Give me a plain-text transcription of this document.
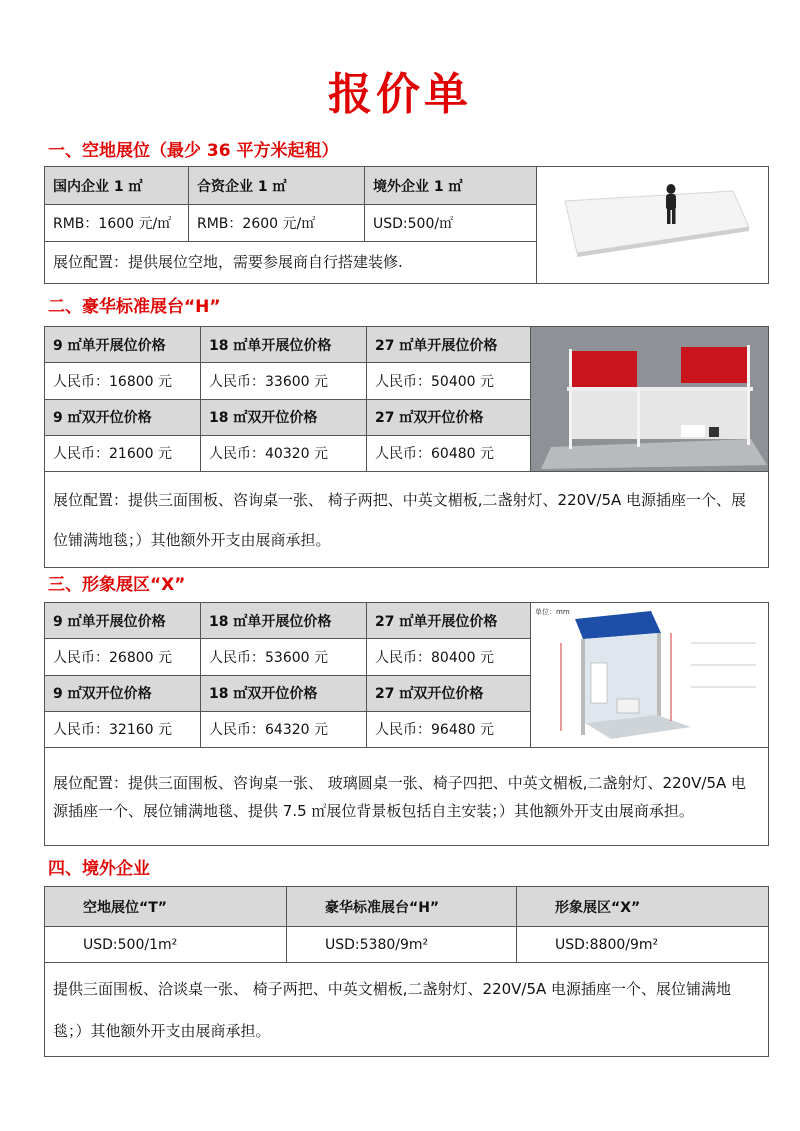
报价单
一、空地展位（最少 36 平方米起租）
国内企业 1 ㎡	合资企业 1 ㎡	境外企业 1 ㎡	

RMB：1600 元/㎡	RMB：2600 元/㎡	USD:500/㎡	
展位配置：提供展位空地，需要参展商自行搭建装修.			
二、豪华标准展台“H”
9 ㎡单开展位价格	18 ㎡单开展位价格	27 ㎡单开展位价格	

人民币：16800 元	人民币：33600 元	人民币：50400 元	
9 ㎡双开位价格	18 ㎡双开位价格	27 ㎡双开位价格	
人民币：21600 元	人民币：40320 元	人民币：60480 元	
展位配置：提供三面围板、咨询桌一张、 椅子两把、中英文楣板,二盏射灯、220V/5A 电源插座一个、展位铺满地毯；）其他额外开支由展商承担。			
三、形象展区“X”
9 ㎡单开展位价格	18 ㎡单开展位价格	27 ㎡单开展位价格	单位：mm

人民币：26800 元	人民币：53600 元	人民币：80400 元	
9 ㎡双开位价格	18 ㎡双开位价格	27 ㎡双开位价格	
人民币：32160 元	人民币：64320 元	人民币：96480 元	
展位配置：提供三面围板、咨询桌一张、 玻璃圆桌一张、椅子四把、中英文楣板,二盏射灯、220V/5A 电源插座一个、展位铺满地毯、提供 7.5 ㎡展位背景板包括自主安装；）其他额外开支由展商承担。			
四、境外企业
空地展位“T”	豪华标准展台“H”	形象展区“X”
USD:500/1m²	USD:5380/9m²	USD:8800/9m²
提供三面围板、洽谈桌一张、 椅子两把、中英文楣板,二盏射灯、220V/5A 电源插座一个、展位铺满地毯；）其他额外开支由展商承担。		
